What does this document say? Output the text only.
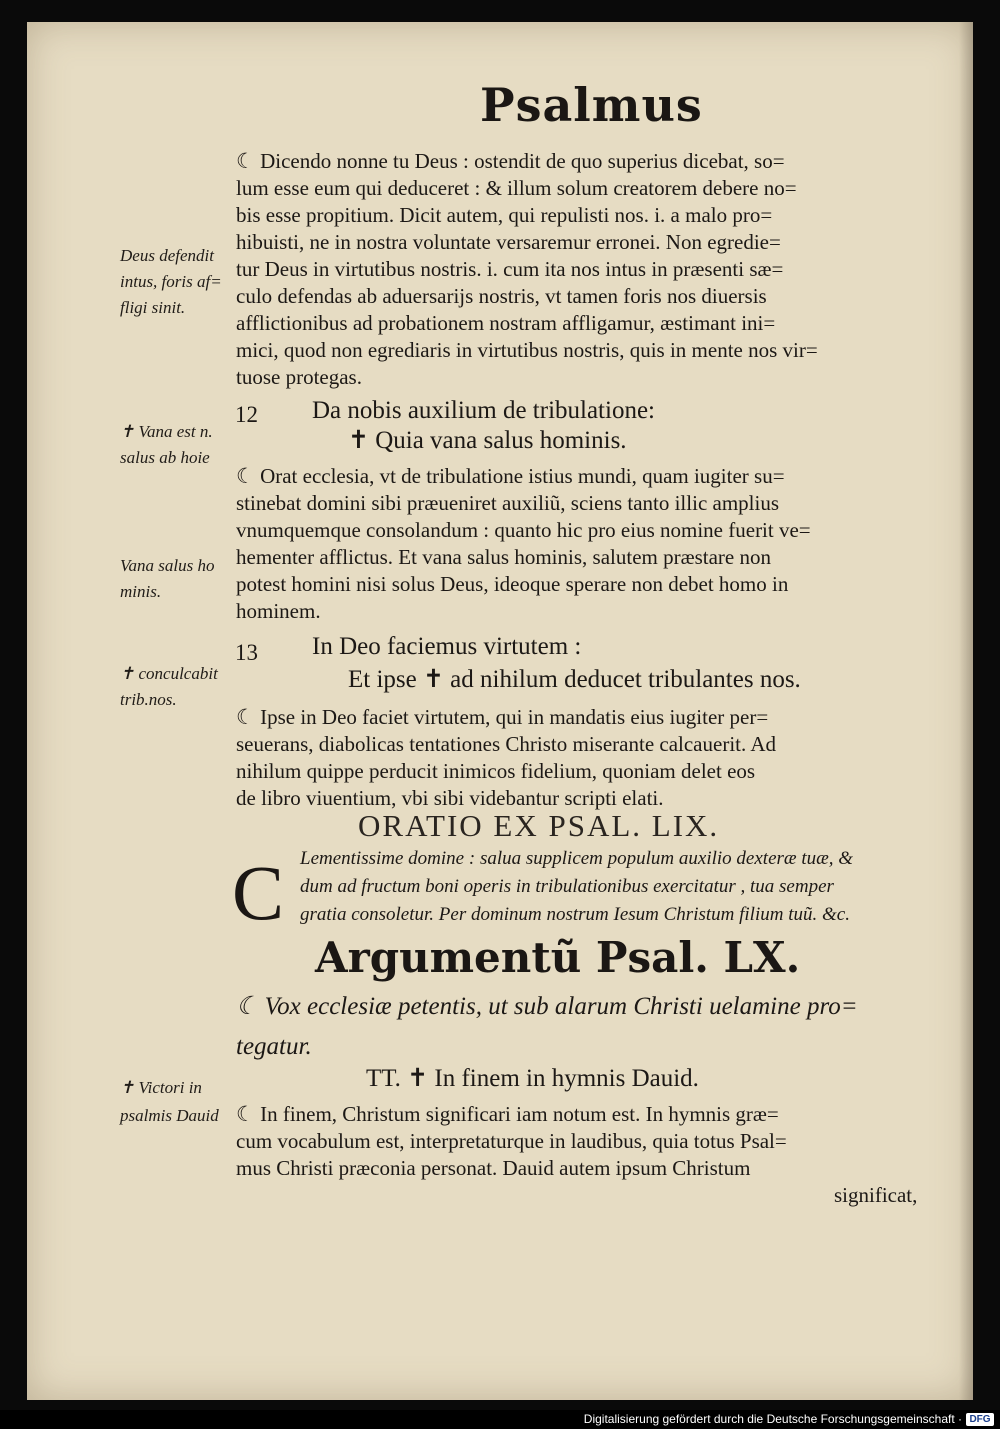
Psalmus
Deus defendit
intus, foris af=
fligi sinit.
✝ Vana est n.
salus ab hoie
Vana salus ho
minis.
✝ conculcabit
trib.nos.
✝ Victori in
psalmis Dauid
☾ Dicendo nonne tu Deus : ostendit de quo superius dicebat, so=
lum esse eum qui deduceret : & illum solum creatorem debere no=
bis esse propitium. Dicit autem, qui repulisti nos. i. a malo pro=
hibuisti, ne in nostra voluntate versaremur erronei. Non egredie=
tur Deus in virtutibus nostris. i. cum ita nos intus in præsenti sæ=
culo defendas ab aduersarijs nostris, vt tamen foris nos diuersis
afflictionibus ad probationem nostram affligamur, æstimant ini=
mici, quod non egrediaris in virtutibus nostris, quis in mente nos vir=
tuose protegas.
12 Da nobis auxilium de tribulatione:
✝ Quia vana salus hominis.
☾ Orat ecclesia, vt de tribulatione istius mundi, quam iugiter su=
stinebat domini sibi præueniret auxiliũ, sciens tanto illic amplius
vnumquemque consolandum : quanto hic pro eius nomine fuerit ve=
hementer afflictus. Et vana salus hominis, salutem præstare non
potest homini nisi solus Deus, ideoque sperare non debet homo in
hominem.
13 In Deo faciemus virtutem :
Et ipse ✝ ad nihilum deducet tribulantes nos.
☾ Ipse in Deo faciet virtutem, qui in mandatis eius iugiter per=
seuerans, diabolicas tentationes Christo miserante calcauerit. Ad
nihilum quippe perducit inimicos fidelium, quoniam delet eos
de libro viuentium, vbi sibi videbantur scripti elati.
ORATIO EX PSAL. LIX.
C Lementissime domine : salua supplicem populum auxilio dexteræ tuæ, &
dum ad fructum boni operis in tribulationibus exercitatur , tua semper
gratia consoletur. Per dominum nostrum Iesum Christum filium tuũ. &c.
Argumentũ Psal. LX.
☾ Vox ecclesiæ petentis, ut sub alarum Christi uelamine pro=
tegatur.
TT. ✝ In finem in hymnis Dauid.
☾ In finem, Christum significari iam notum est. In hymnis græ=
cum vocabulum est, interpretaturque in laudibus, quia totus Psal=
mus Christi præconia personat. Dauid autem ipsum Christum
significat,
Digitalisierung gefördert durch die Deutsche Forschungsgemeinschaft · DFG
